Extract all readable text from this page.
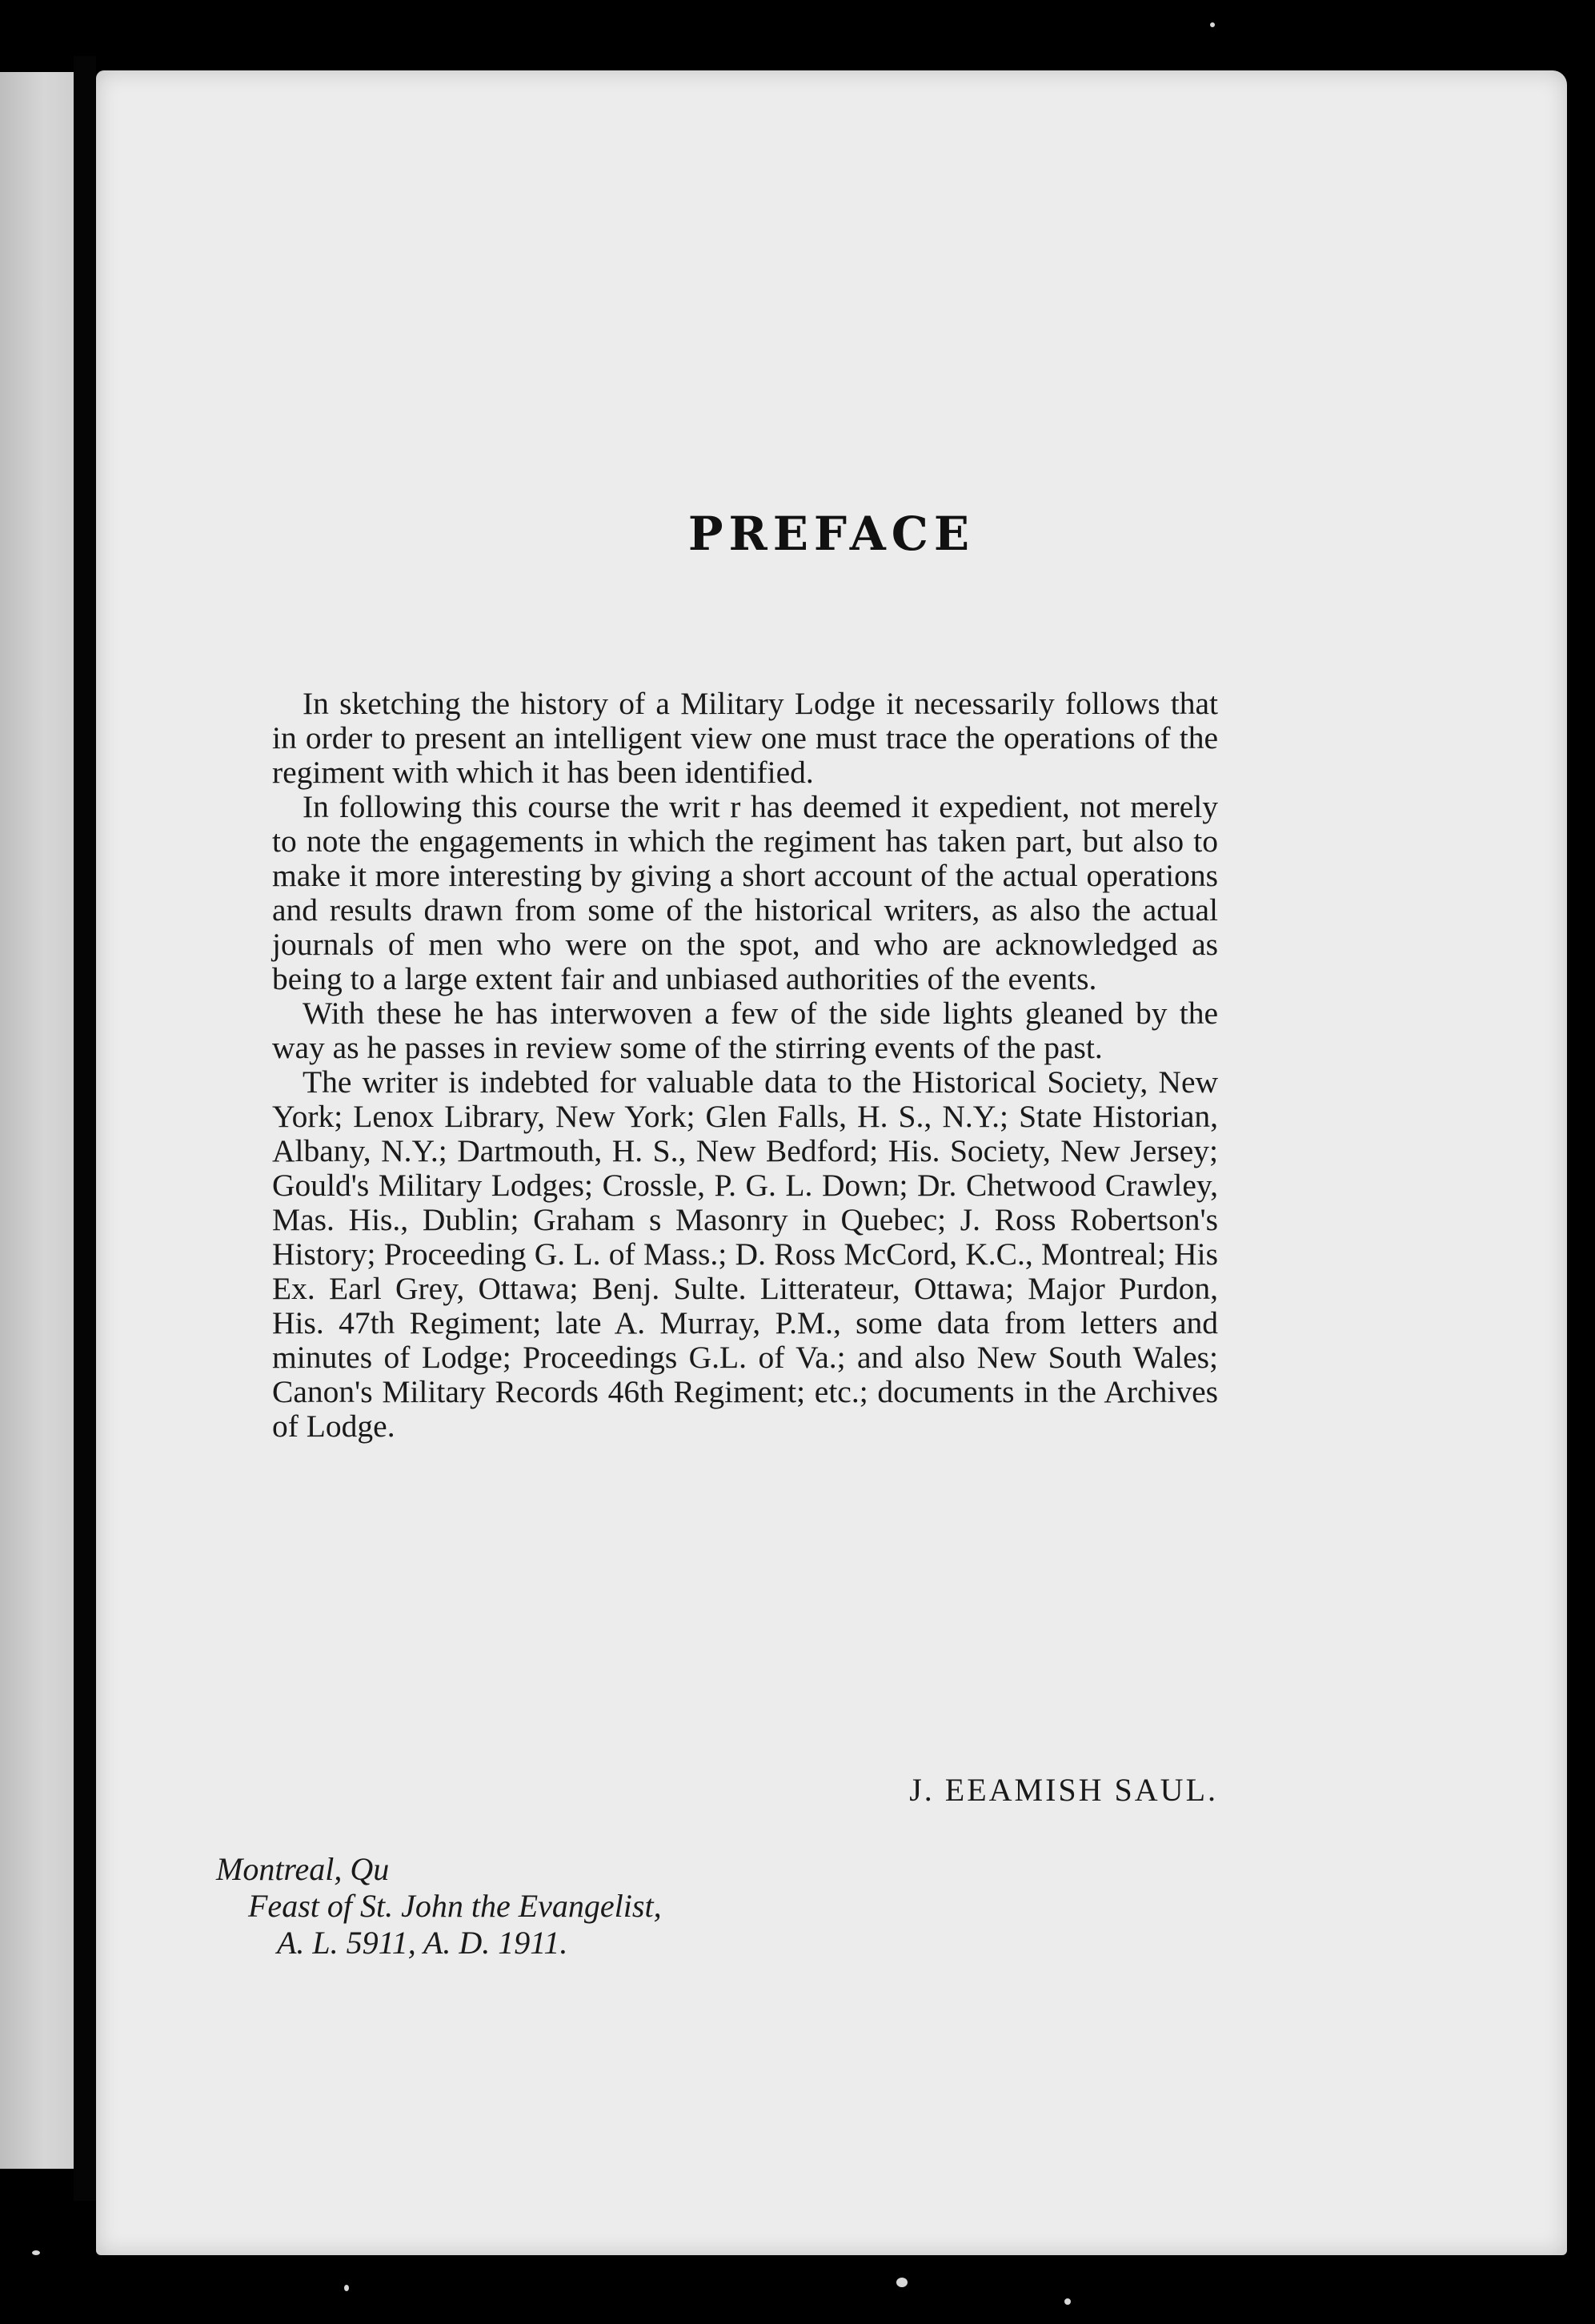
PREFACE

In sketching the history of a Military Lodge it necessarily follows that in order to present an intelligent view one must trace the operations of the regiment with which it has been identified.

In following this course the writ r has deemed it expedient, not merely to note the engagements in which the regiment has taken part, but also to make it more interesting by giving a short account of the actual operations and results drawn from some of the historical writers, as also the actual journals of men who were on the spot, and who are acknowledged as being to a large extent fair and unbiased authorities of the events.

With these he has interwoven a few of the side lights gleaned by the way as he passes in review some of the stirring events of the past.

The writer is indebted for valuable data to the Historical Society, New York; Lenox Library, New York; Glen Falls, H. S., N.Y.; State Historian, Albany, N.Y.; Dartmouth, H. S., New Bedford; His. Society, New Jersey; Gould's Military Lodges; Crossle, P. G. L. Down; Dr. Chetwood Crawley, Mas. His., Dublin; Graham s Masonry in Quebec; J. Ross Robertson's History; Proceeding G. L. of Mass.; D. Ross McCord, K.C., Montreal; His Ex. Earl Grey, Ottawa; Benj. Sulte. Litterateur, Ottawa; Major Purdon, His. 47th Regiment; late A. Murray, P.M., some data from letters and minutes of Lodge; Proceedings G.L. of Va.; and also New South Wales; Canon's Military Records 46th Regiment; etc.; documents in the Archives of Lodge.

J. EEAMISH SAUL.

Montreal, Qu
Feast of St. John the Evangelist,
A. L. 5911, A. D. 1911.
